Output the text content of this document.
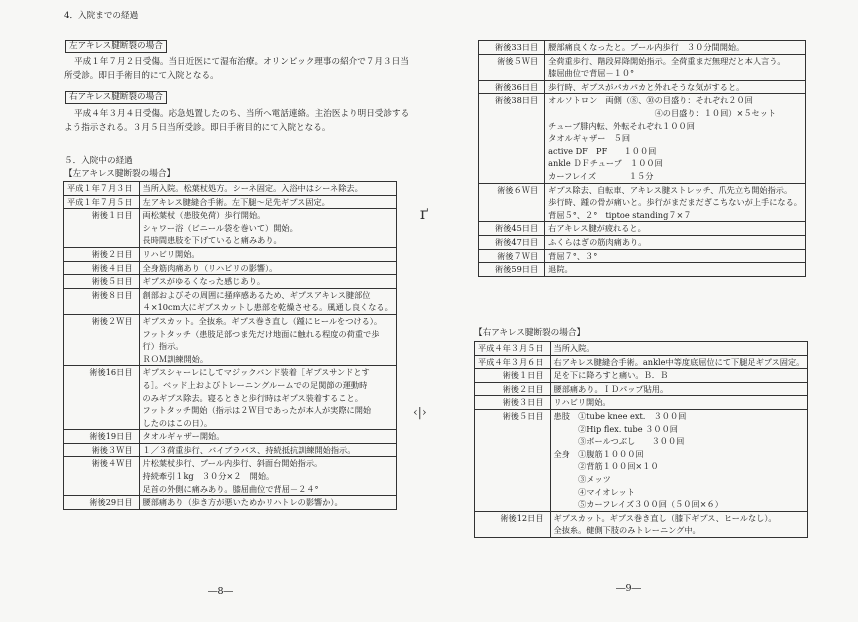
4．入院までの経過
左アキレス腱断裂の場合
平成１年７月２日受傷。当日近医にて湿布治療。オリンピック理事の紹介で７月３日当
所受診。即日手術目的にて入院となる。
右アキレス腱断裂の場合
平成４年３月４日受傷。応急処置したのち、当所へ電話連絡。主治医より明日受診する
よう指示される。３月５日当所受診。即日手術目的にて入院となる。
５．入院中の経過
【左アキレス腱断裂の場合】
平成１年７月３日	当所入院。松葉杖処方。シーネ固定。入浴中はシーネ除去。
平成１年７月５日	左アキレス腱縫合手術。左下腿～足先ギプス固定。
術後１日目	両松葉杖（患肢免荷）歩行開始。
	シャワー浴（ビニール袋を巻いて）開始。
	長時間患肢を下げていると痛みあり。
術後２日目	リハビリ開始。
術後４日目	全身筋肉痛あり（リハビリの影響）。
術後５日目	ギプスがゆるくなった感じあり。
術後８日目	創部およびその周囲に掻痒感あるため、ギプスアキレス腱部位
	４×10cm大にギプスカットし患部を乾燥させる。風通し良くなる。
術後２Ｗ目	ギプスカット。全抜糸。ギプス巻き直し（踵にヒールをつける）。
	フットタッチ（患肢足部つま先だけ地面に触れる程度の荷重で歩
	行）指示。
	ＲＯＭ訓練開始。
術後16日目	ギプスシャーレにしてマジックバンド装着［ギプスサンドとす
	る］。ベッド上およびトレーニングルームでの足関節の運動時
	のみギプス除去。寝るときと歩行時はギプス装着すること。
	フットタッチ開始（指示は２Ｗ目であったが本人が実際に開始
	したのはこの日）。
術後19日目	タオルギャザー開始。
術後３Ｗ目	１／３荷重歩行、バイブラバス、持続抵抗訓練開始指示。
術後４Ｗ目	片松葉杖歩行、プール内歩行、斜面台開始指示。
	持続牽引１kg　３０分×２　開始。
	足首の外側に痛みあり。膝屈曲位で背屈－２４°
術後29日目	腰部痛あり（歩き方が悪いためかリハトレの影響か）。
―8―
ґ
‹|›
術後33日目	腰部痛良くなったと。プール内歩行　３０分間開始。
術後５Ｗ目	全荷重歩行、階段昇降開始指示。全荷重まだ無理だと本人言う。
	膝屈曲位で背屈－１０°
術後36日目	歩行時、ギプスがパカパカと外れそうな気がすると。
術後38日目	オルソトロン　両側（⑧、⑩の目盛り：それぞれ２０回
	　　　　　　　　　　　　　④の目盛り：１０回）×５セット
	チューブ腓内転、外転それぞれ１００回
	タオルギャザー　５回
	active DF　PF　　１００回
	ankle ＤＦチューブ　１００回
	カーフレイズ　　　　１５分
術後６Ｗ目	ギプス除去、自転車、アキレス腱ストレッチ、爪先立ち開始指示。
	歩行時、踵の骨が痛いと。歩行がまだまだぎこちないが上手になる。
	背屈５°、２°　tiptoe standing７×７
術後45日目	右アキレス腱が疲れると。
術後47日目	ふくらはぎの筋肉痛あり。
術後７Ｗ目	背屈７°、３°
術後59日目	退院。
【右アキレス腱断裂の場合】
平成４年３月５日	当所入院。
平成４年３月６日	右アキレス腱縫合手術。ankle中等度底屈位にて下腿足ギプス固定。
術後１日目	足を下に降ろすと痛い。Ｂ．Ｂ
術後２日目	腰部痛あり。ＩＤパップ貼用。
術後３日目	リハビリ開始。
術後５日目	患肢　①tube knee ext.　３００回
	　　　②Hip flex. tube ３００回
	　　　③ボールつぶし　　３００回
	全身　①腹筋１０００回
	　　　②背筋１００回×１０
	　　　③メッツ
	　　　④マイオレット
	　　　⑤カーフレイズ３００回（５０回×６）
術後12日目	ギプスカット。ギプス巻き直し（膝下ギプス、ヒールなし）。
	全抜糸。健側下肢のみトレーニング中。
―9―
